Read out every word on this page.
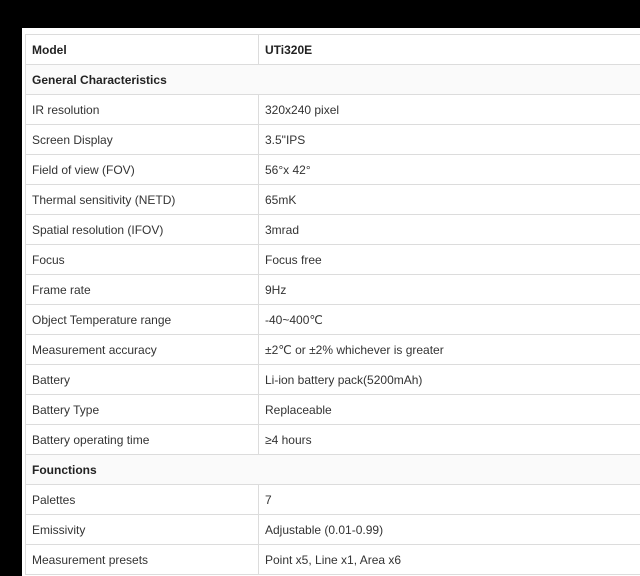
Model	UTi320E
General Characteristics	
IR resolution	320x240 pixel
Screen Display	3.5"IPS
Field of view (FOV)	56°x 42°
Thermal sensitivity (NETD)	65mK
Spatial resolution (IFOV)	3mrad
Focus	Focus free
Frame rate	9Hz
Object Temperature range	-40~400℃
Measurement accuracy	±2℃ or ±2% whichever is greater
Battery	Li-ion battery pack(5200mAh)
Battery Type	Replaceable
Battery operating time	≥4 hours
Founctions	
Palettes	7
Emissivity	Adjustable (0.01-0.99)
Measurement presets	Point x5, Line x1, Area x6
